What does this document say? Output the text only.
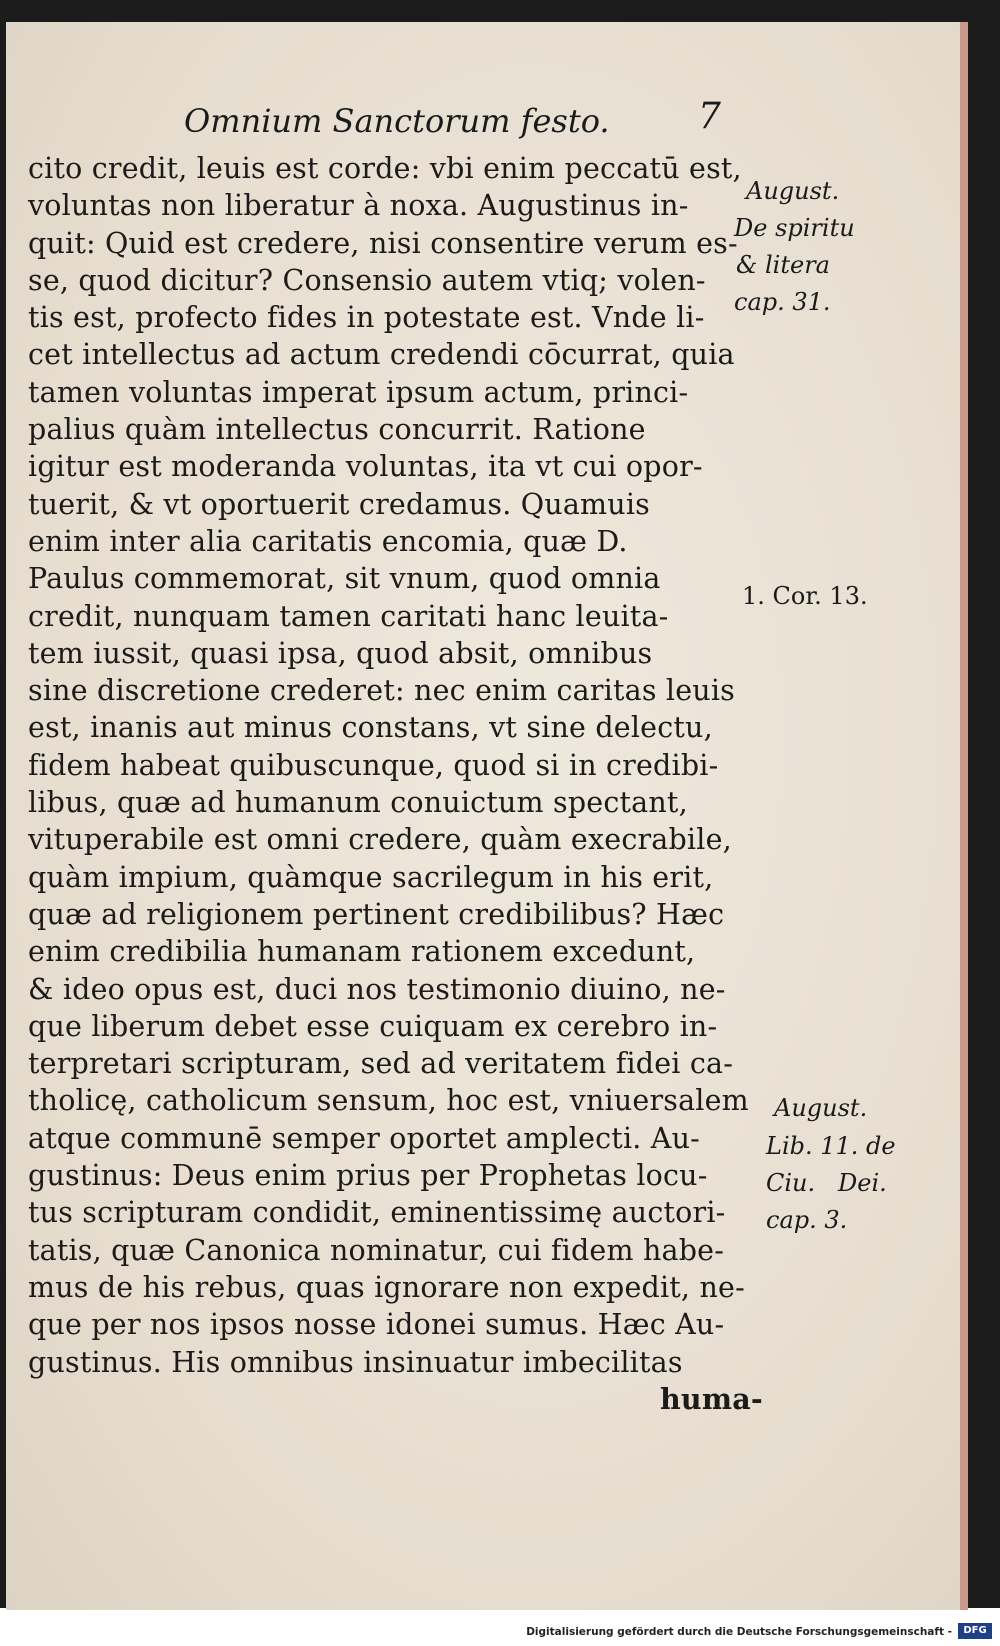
Omnium Sanctorum festo. 7
cito credit, leuis est corde: vbi enim peccatū est,
voluntas non liberatur à noxa. Augustinus in-
quit: Quid est credere, nisi consentire verum es-
se, quod dicitur? Consensio autem vtiq; volen-
tis est, profecto fides in potestate est. Vnde li-
cet intellectus ad actum credendi cōcurrat, quia
tamen voluntas imperat ipsum actum, princi-
palius quàm intellectus concurrit. Ratione
igitur est moderanda voluntas, ita vt cui opor-
tuerit, & vt oportuerit credamus. Quamuis
enim inter alia caritatis encomia, quæ D.
Paulus commemorat, sit vnum, quod omnia
credit, nunquam tamen caritati hanc leuita-
tem iussit, quasi ipsa, quod absit, omnibus
sine discretione crederet: nec enim caritas leuis
est, inanis aut minus constans, vt sine delectu,
fidem habeat quibuscunque, quod si in credibi-
libus, quæ ad humanum conuictum spectant,
vituperabile est omni credere, quàm execrabile,
quàm impium, quàmque sacrilegum in his erit,
quæ ad religionem pertinent credibilibus? Hæc
enim credibilia humanam rationem excedunt,
& ideo opus est, duci nos testimonio diuino, ne-
que liberum debet esse cuiquam ex cerebro in-
terpretari scripturam, sed ad veritatem fidei ca-
tholicę, catholicum sensum, hoc est, vniuersalem
atque communē semper oportet amplecti. Au-
gustinus: Deus enim prius per Prophetas locu-
tus scripturam condidit, eminentissimę auctori-
tatis, quæ Canonica nominatur, cui fidem habe-
mus de his rebus, quas ignorare non expedit, ne-
que per nos ipsos nosse idonei sumus. Hæc Au-
gustinus. His omnibus insinuatur imbecilitas
huma-
August.
De spiritu
& litera
cap. 31.
1. Cor. 13.
August.
Lib. 11. de
Ciu.   Dei.
cap. 3.
Digitalisierung gefördert durch die Deutsche Forschungsgemeinschaft -	DFG
